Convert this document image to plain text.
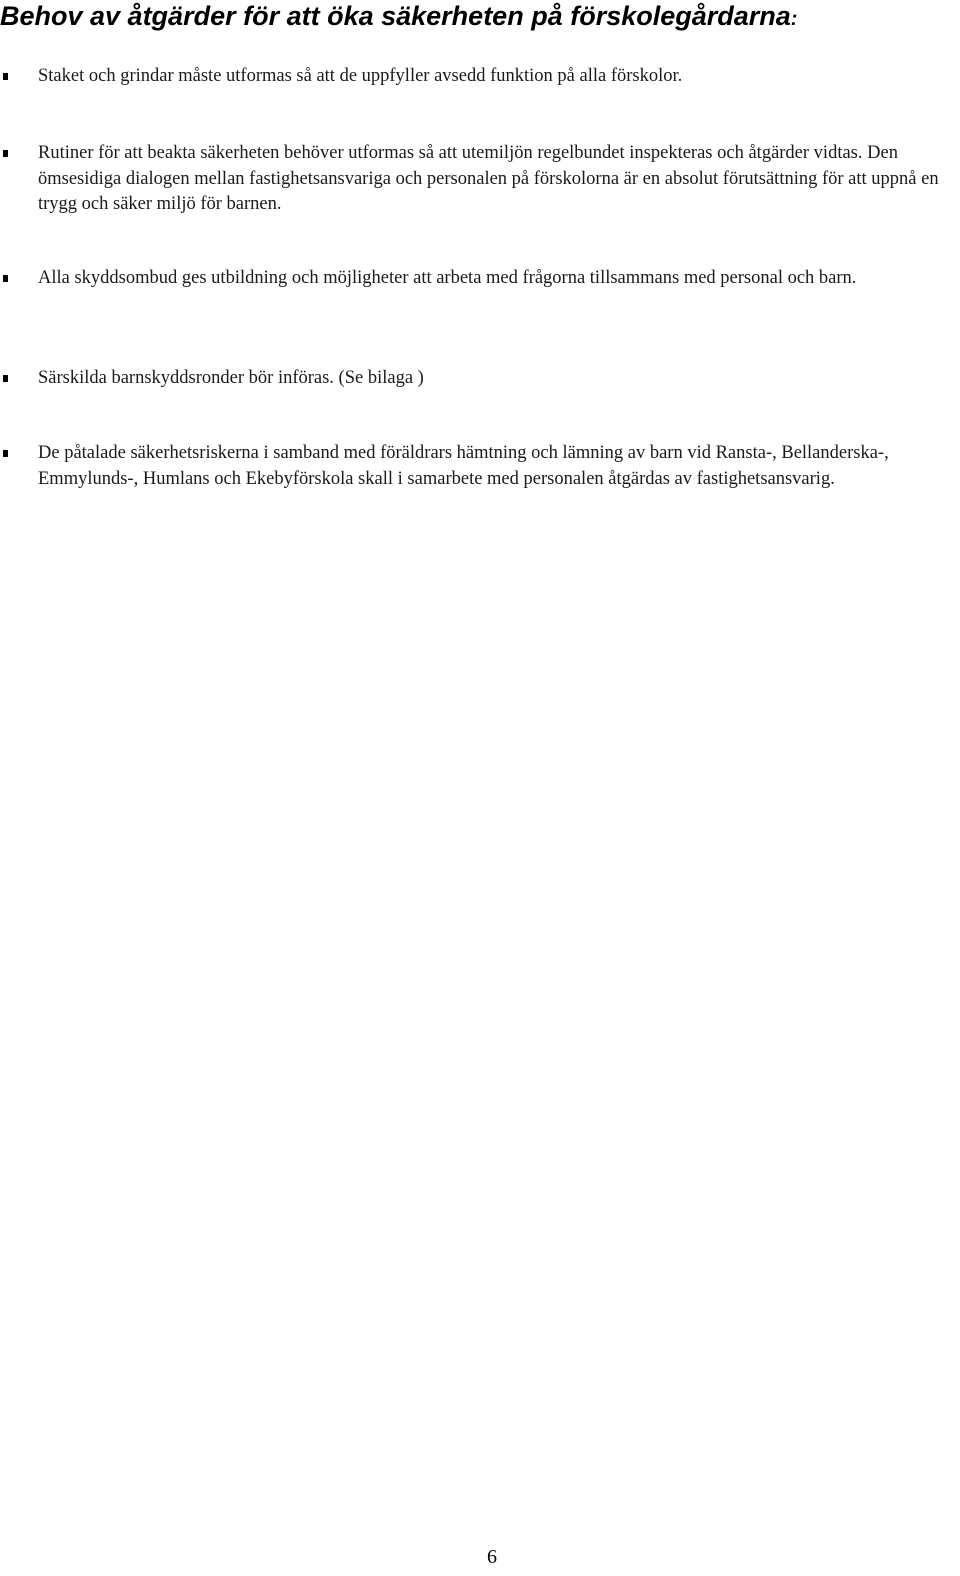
Behov av åtgärder för att öka säkerheten på förskolegårdarna:
Staket och grindar måste utformas så att de uppfyller avsedd funktion på alla förskolor.
Rutiner för att beakta säkerheten behöver utformas så att utemiljön regelbundet inspekteras och åtgärder vidtas. Den ömsesidiga dialogen mellan fastighetsansvariga och personalen på förskolorna är en absolut förutsättning för att uppnå en trygg och säker miljö för barnen.
Alla skyddsombud ges utbildning och möjligheter att arbeta med frågorna tillsammans med personal och barn.
Särskilda barnskyddsronder bör införas. (Se bilaga )
De påtalade säkerhetsriskerna i samband med föräldrars hämtning och lämning av barn vid Ransta-, Bellanderska-, Emmylunds-, Humlans och Ekebyförskola skall i samarbete med personalen åtgärdas av fastighetsansvarig.
6
